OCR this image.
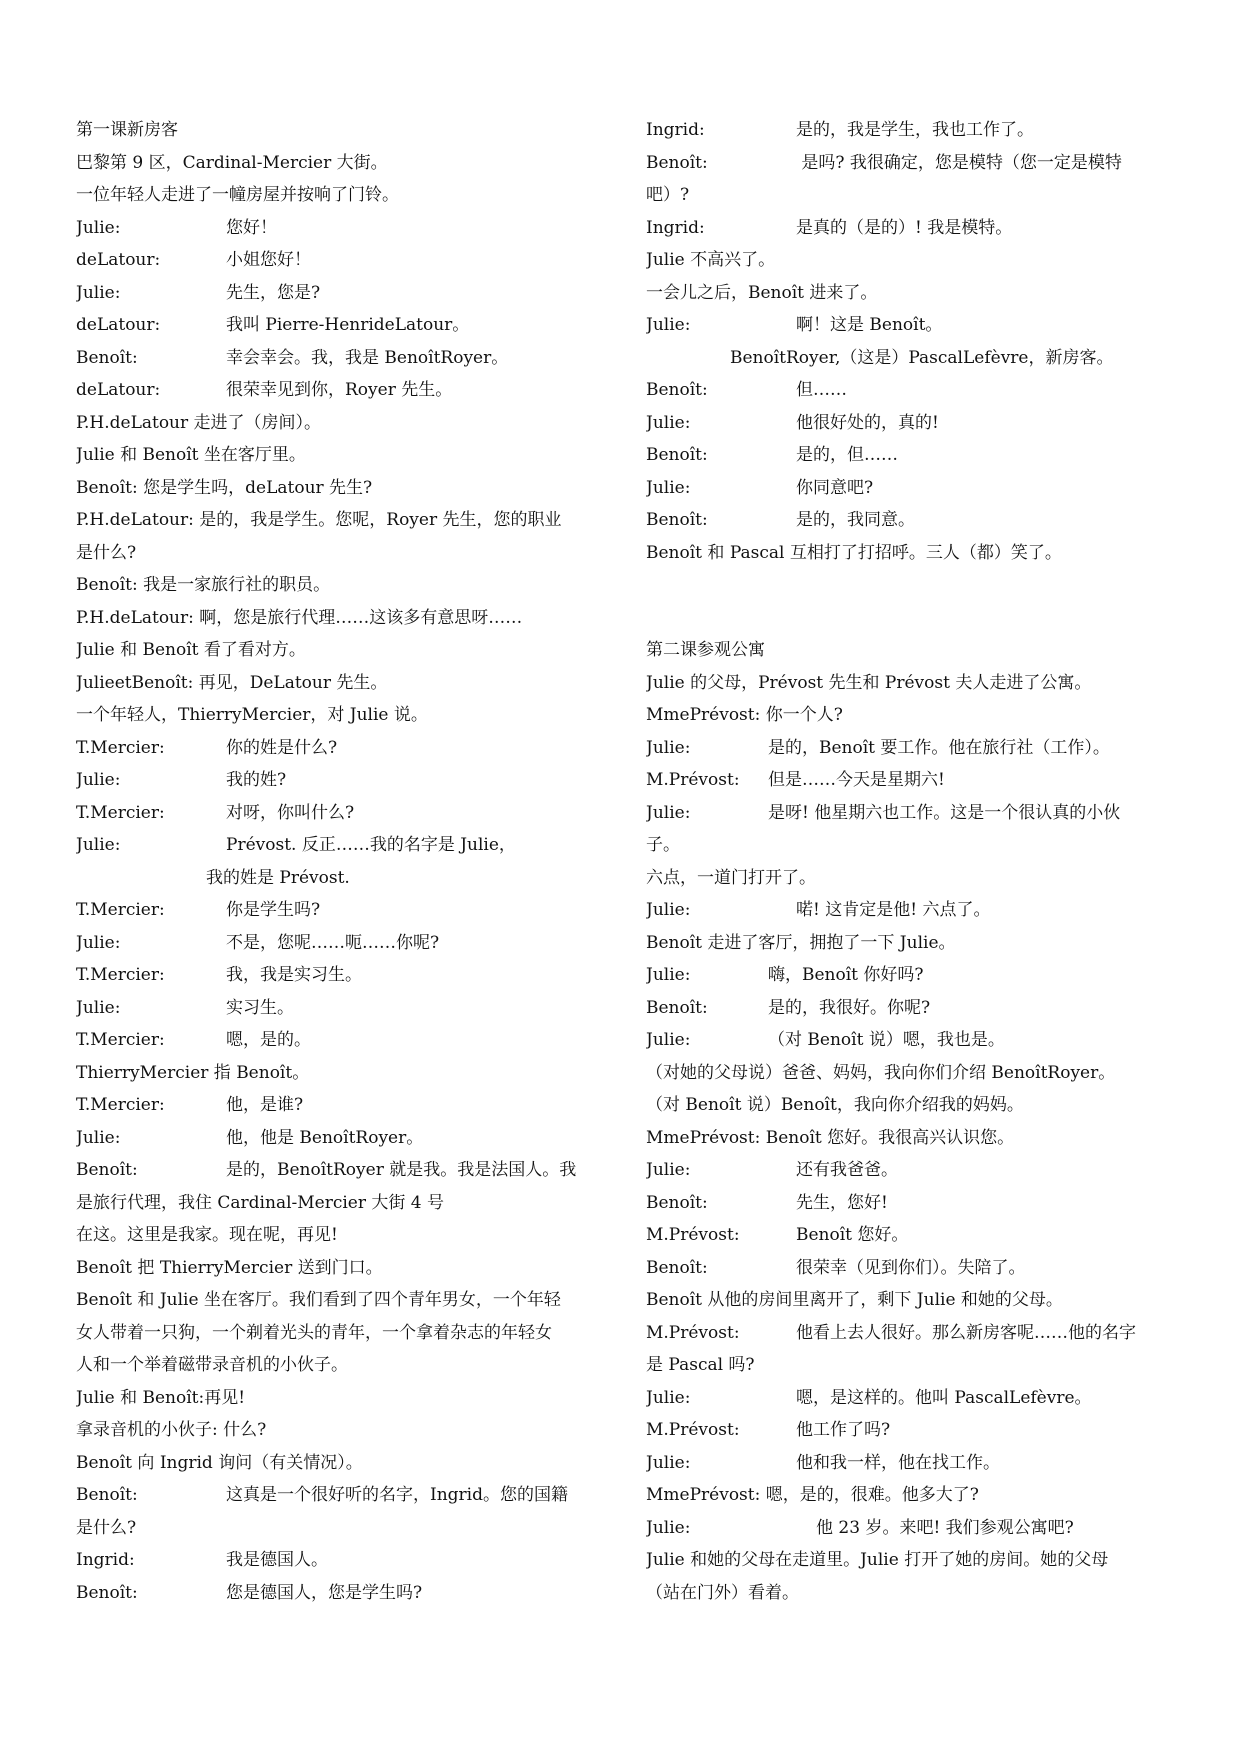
第一课新房客
巴黎第 9 区，Cardinal-Mercier 大街。
一位年轻人走进了一幢房屋并按响了门铃。
Julie:	您好！
deLatour:	小姐您好！
Julie:	先生，您是?
deLatour:	我叫 Pierre-HenrideLatour。
Benoît:	幸会幸会。我，我是 BenoîtRoyer。
deLatour:	很荣幸见到你，Royer 先生。
P.H.deLatour 走进了（房间）。
Julie 和 Benoît 坐在客厅里。
Benoît: 您是学生吗，deLatour 先生?
P.H.deLatour: 是的，我是学生。您呢，Royer 先生，您的职业
是什么?
Benoît: 我是一家旅行社的职员。
P.H.deLatour: 啊，您是旅行代理……这该多有意思呀……
Julie 和 Benoît 看了看对方。
JulieetBenoît: 再见，DeLatour 先生。
一个年轻人，ThierryMercier，对 Julie 说。
T.Mercier:	你的姓是什么?
Julie:	我的姓?
T.Mercier:	对呀，你叫什么?
Julie:	Prévost. 反正……我的名字是 Julie，
我的姓是 Prévost.
T.Mercier:	你是学生吗?
Julie:	不是，您呢……呃……你呢?
T.Mercier:	我，我是实习生。
Julie:	实习生。
T.Mercier:	嗯，是的。
ThierryMercier 指 Benoît。
T.Mercier:	他，是谁?
Julie:	他，他是 BenoîtRoyer。
Benoît:	是的，BenoîtRoyer 就是我。我是法国人。我
是旅行代理，我住 Cardinal-Mercier 大街 4 号
在这。这里是我家。现在呢，再见!
Benoît 把 ThierryMercier 送到门口。
Benoît 和 Julie 坐在客厅。我们看到了四个青年男女，一个年轻
女人带着一只狗，一个剃着光头的青年，一个拿着杂志的年轻女
人和一个举着磁带录音机的小伙子。
Julie 和 Benoît:再见!
拿录音机的小伙子: 什么?
Benoît 向 Ingrid 询问（有关情况）。
Benoît:	这真是一个很好听的名字，Ingrid。您的国籍
是什么?
Ingrid:	我是德国人。
Benoît:	您是德国人，您是学生吗?
Ingrid:	是的，我是学生，我也工作了。
Benoît:	是吗? 我很确定，您是模特（您一定是模特
吧）?
Ingrid:	是真的（是的）! 我是模特。
Julie 不高兴了。
一会儿之后，Benoît 进来了。
Julie:	啊！这是 Benoît。
BenoîtRoyer,（这是）PascalLefèvre，新房客。
Benoît:	但……
Julie:	他很好处的，真的!
Benoît:	是的，但……
Julie:	你同意吧?
Benoît:	是的，我同意。
Benoît 和 Pascal 互相打了打招呼。三人（都）笑了。
第二课参观公寓
Julie 的父母，Prévost 先生和 Prévost 夫人走进了公寓。
MmePrévost: 你一个人?
Julie:	是的，Benoît 要工作。他在旅行社（工作）。
M.Prévost: 但是……今天是星期六!
Julie:	是呀! 他星期六也工作。这是一个很认真的小伙
子。
六点，一道门打开了。
Julie:	喏! 这肯定是他! 六点了。
Benoît 走进了客厅，拥抱了一下 Julie。
Julie:	嗨，Benoît 你好吗?
Benoît:	是的，我很好。你呢?
Julie:	（对 Benoît 说）嗯，我也是。
（对她的父母说）爸爸、妈妈，我向你们介绍 BenoîtRoyer。
（对 Benoît 说）Benoît，我向你介绍我的妈妈。
MmePrévost: Benoît 您好。我很高兴认识您。
Julie:	还有我爸爸。
Benoît:	先生，您好!
M.Prévost:	Benoît 您好。
Benoît:	很荣幸（见到你们）。失陪了。
Benoît 从他的房间里离开了，剩下 Julie 和她的父母。
M.Prévost:	他看上去人很好。那么新房客呢……他的名字
是 Pascal 吗?
Julie:	嗯，是这样的。他叫 PascalLefèvre。
M.Prévost:	他工作了吗?
Julie:	他和我一样，他在找工作。
MmePrévost: 嗯，是的，很难。他多大了?
Julie:	他 23 岁。来吧! 我们参观公寓吧?
Julie 和她的父母在走道里。Julie 打开了她的房间。她的父母
（站在门外）看着。
